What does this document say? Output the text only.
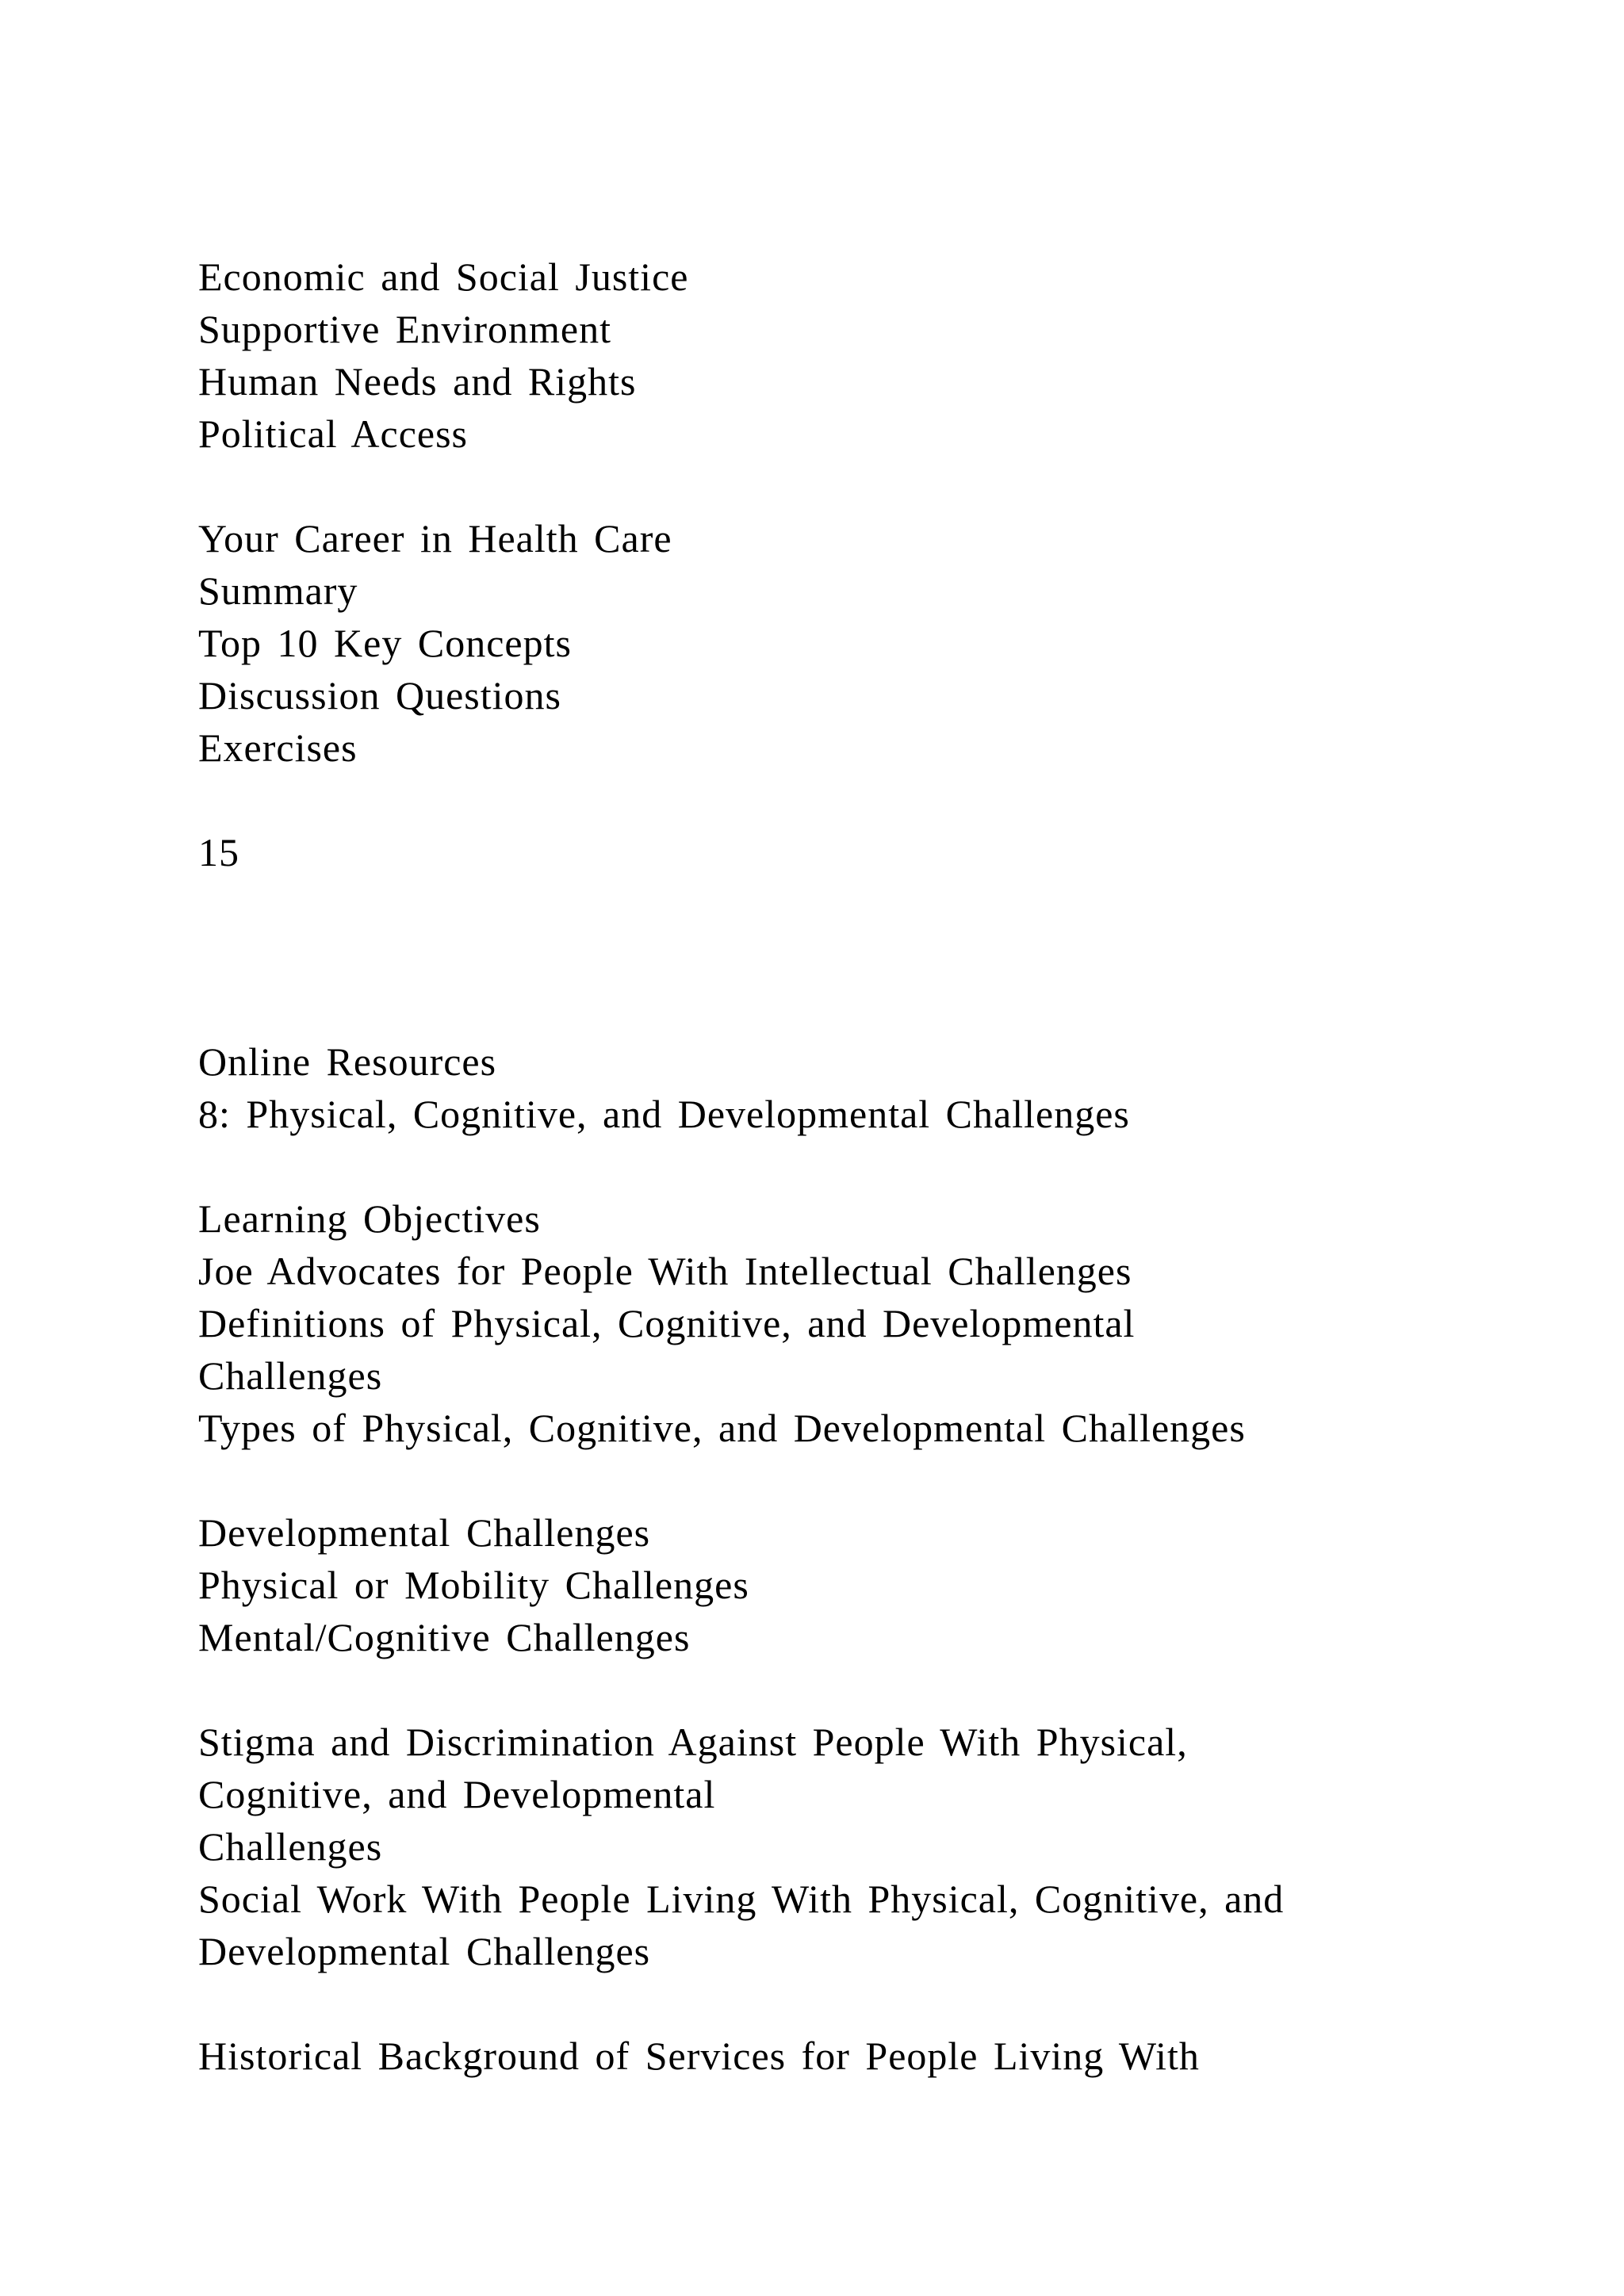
Economic and Social Justice
Supportive Environment
Human Needs and Rights
Political Access
Your Career in Health Care
Summary
Top 10 Key Concepts
Discussion Questions
Exercises
15
Online Resources
8: Physical, Cognitive, and Developmental Challenges
Learning Objectives
Joe Advocates for People With Intellectual Challenges
Definitions of Physical, Cognitive, and Developmental
Challenges
Types of Physical, Cognitive, and Developmental Challenges
Developmental Challenges
Physical or Mobility Challenges
Mental/Cognitive Challenges
Stigma and Discrimination Against People With Physical,
Cognitive, and Developmental
Challenges
Social Work With People Living With Physical, Cognitive, and
Developmental Challenges
Historical Background of Services for People Living With
